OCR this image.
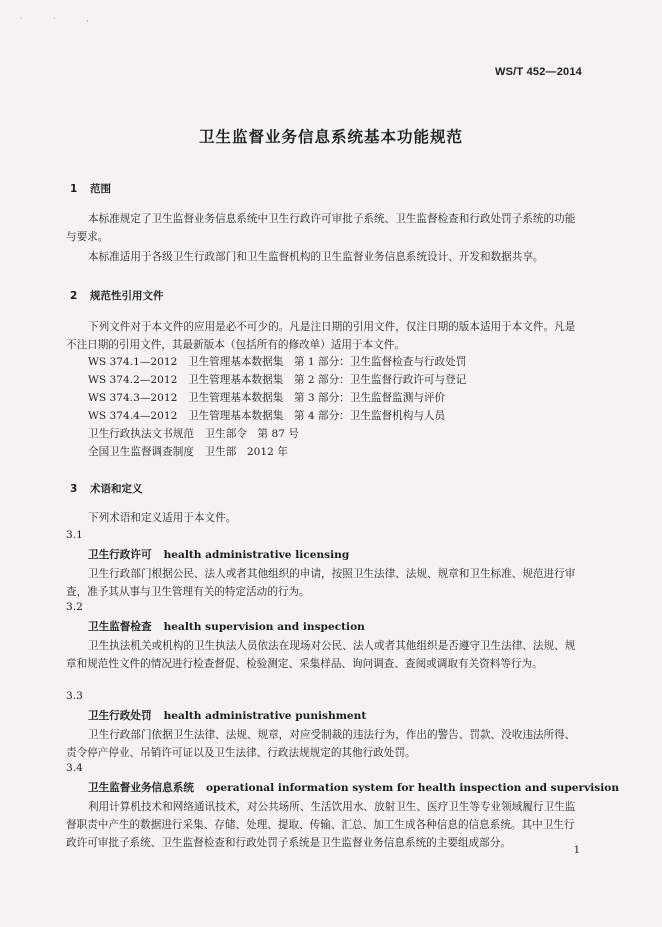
· · ,
WS/T 452—2014
卫生监督业务信息系统基本功能规范
1 范围
本标准规定了卫生监督业务信息系统中卫生行政许可审批子系统、卫生监督检查和行政处罚子系统的功能与要求。
本标准适用于各级卫生行政部门和卫生监督机构的卫生监督业务信息系统设计、开发和数据共享。
2 规范性引用文件
下列文件对于本文件的应用是必不可少的。凡是注日期的引用文件，仅注日期的版本适用于本文件。凡是不注日期的引用文件，其最新版本（包括所有的修改单）适用于本文件。
WS 374.1—2012　卫生管理基本数据集　第 1 部分：卫生监督检查与行政处罚
WS 374.2—2012　卫生管理基本数据集　第 2 部分：卫生监督行政许可与登记
WS 374.3—2012　卫生管理基本数据集　第 3 部分：卫生监督监测与评价
WS 374.4—2012　卫生管理基本数据集　第 4 部分：卫生监督机构与人员
卫生行政执法文书规范　卫生部令　第 87 号
全国卫生监督调查制度　卫生部　2012 年
3 术语和定义
下列术语和定义适用于本文件。
3.1
卫生行政许可 health administrative licensing
卫生行政部门根据公民、法人或者其他组织的申请，按照卫生法律、法规、规章和卫生标准、规范进行审查，准予其从事与卫生管理有关的特定活动的行为。
3.2
卫生监督检查 health supervision and inspection
卫生执法机关或机构的卫生执法人员依法在现场对公民、法人或者其他组织是否遵守卫生法律、法规、规章和规范性文件的情况进行检查督促、检验测定、采集样品、询问调查、查阅或调取有关资料等行为。
3.3
卫生行政处罚 health administrative punishment
卫生行政部门依据卫生法律、法规、规章，对应受制裁的违法行为，作出的警告、罚款、没收违法所得、责令停产停业、吊销许可证以及卫生法律、行政法规规定的其他行政处罚。
3.4
卫生监督业务信息系统 operational information system for health inspection and supervision
利用计算机技术和网络通讯技术，对公共场所、生活饮用水、放射卫生、医疗卫生等专业领域履行卫生监督职责中产生的数据进行采集、存储、处理、提取、传输、汇总、加工生成各种信息的信息系统。其中卫生行政许可审批子系统、卫生监督检查和行政处罚子系统是卫生监督业务信息系统的主要组成部分。
1
